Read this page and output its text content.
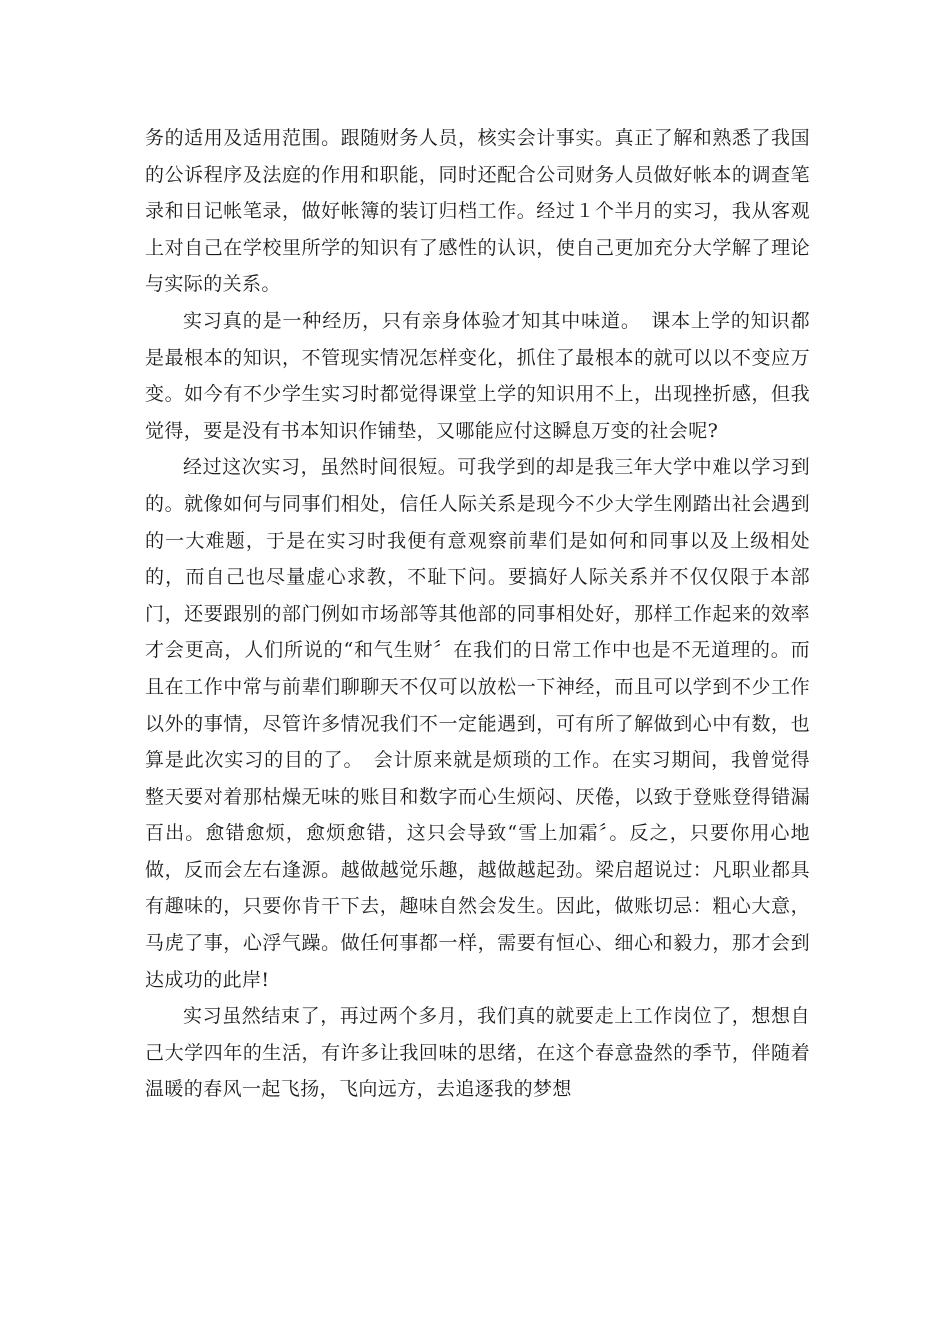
务的适用及适用范围。跟随财务人员，核实会计事实。真正了解和熟悉了我国的公诉程序及法庭的作用和职能，同时还配合公司财务人员做好帐本的调查笔录和日记帐笔录，做好帐簿的装订归档工作。经过１个半月的实习，我从客观上对自己在学校里所学的知识有了感性的认识，使自己更加充分大学解了理论与实际的关系。

实习真的是一种经历，只有亲身体验才知其中味道。　课本上学的知识都是最根本的知识，不管现实情况怎样变化，抓住了最根本的就可以以不变应万变。如今有不少学生实习时都觉得课堂上学的知识用不上，出现挫折感，但我觉得，要是没有书本知识作铺垫，又哪能应付这瞬息万变的社会呢?

经过这次实习，虽然时间很短。可我学到的却是我三年大学中难以学习到的。就像如何与同事们相处，信任人际关系是现今不少大学生刚踏出社会遇到的一大难题，于是在实习时我便有意观察前辈们是如何和同事以及上级相处的，而自己也尽量虚心求教，不耻下问。要搞好人际关系并不仅仅限于本部门，还要跟别的部门例如市场部等其他部的同事相处好，那样工作起来的效率才会更高，人们所说的“和气生财〞在我们的日常工作中也是不无道理的。而且在工作中常与前辈们聊聊天不仅可以放松一下神经，而且可以学到不少工作以外的事情，尽管许多情况我们不一定能遇到，可有所了解做到心中有数，也算是此次实习的目的了。　会计原来就是烦琐的工作。在实习期间，我曾觉得整天要对着那枯燥无味的账目和数字而心生烦闷、厌倦，以致于登账登得错漏百出。愈错愈烦，愈烦愈错，这只会导致“雪上加霜〞。反之，只要你用心地做，反而会左右逢源。越做越觉乐趣，越做越起劲。梁启超说过：凡职业都具有趣味的，只要你肯干下去，趣味自然会发生。因此，做账切忌：粗心大意，马虎了事，心浮气躁。做任何事都一样，需要有恒心、细心和毅力，那才会到达成功的此岸!

实习虽然结束了，再过两个多月，我们真的就要走上工作岗位了，想想自己大学四年的生活，有许多让我回味的思绪，在这个春意盎然的季节，伴随着温暖的春风一起飞扬，飞向远方，去追逐我的梦想
